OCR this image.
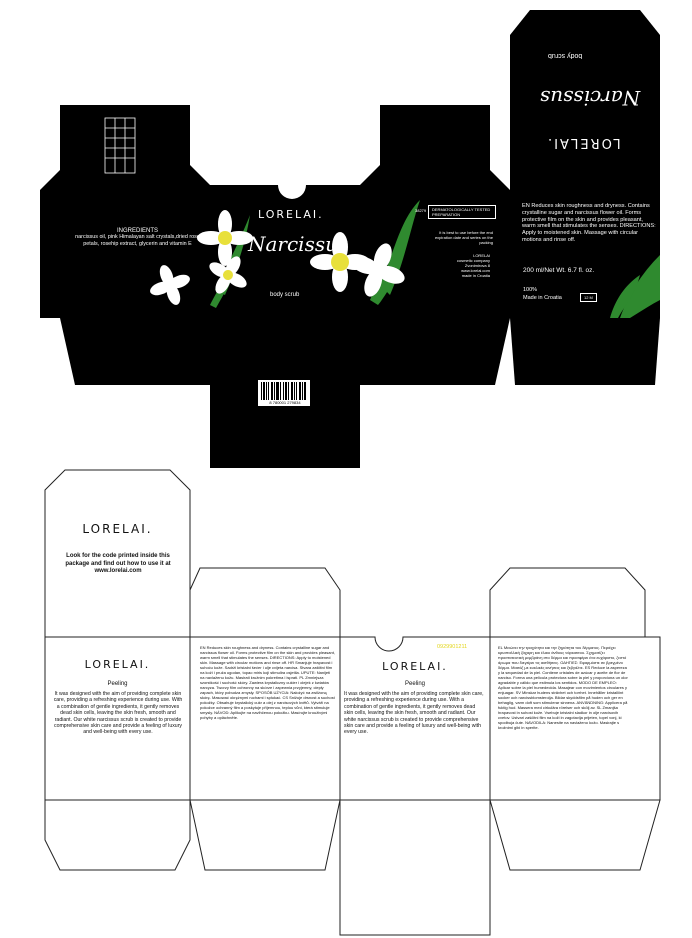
INGREDIENTS
narcissus oil, pink Himalayan salt crystals,dried rose petals, rosehip extract, glycerin and vitamin E
LORELAI.
Narcissus
body scrub
38279	DERMATOLOGICALLY TESTED PREPARATION
It is best to use before the end expiration date and series on the packing
LORELAI
cosmetic company
Zvonimirova 8
www.lorelai.com
made in Croatia
body scrub
Narcissus
LORELAI.
EN Reduces skin roughness and dryness. Contains crystalline sugar and narcissus flower oil. Forms protective film on the skin and provides pleasant, warm smell that stimulates the senses. DIRECTIONS: Apply to moistened skin. Massage with circular motions and rinse off.
200 ml/Net Wt. 6.7 fl. oz.
100%
Made in Croatia	12 M
8 780001 279834
LORELAI.
Look for the code printed inside this package and find out how to use it at www.lorelai.com
LORELAI.
Peeling
It was designed with the aim of providing complete skin care, providing a refreshing experience during use. With a combination of gentle ingredients, it gently removes dead skin cells, leaving the skin fresh, smooth and radiant. Our white narcissus scrub is created to provide comprehensive skin care and provide a feeling of luxury and well-being with every use.
EN Reduces skin roughness and dryness. Contains crystalline sugar and narcissus flower oil. Forms protective film on the skin and provides pleasant, warm smell that stimulates the senses. DIRECTIONS: Apply to moistened skin. Massage with circular motions and rinse off. HR Smanjuje hrapavost i suhoću kože. Sadrži kristalni šećer i ulje cvijeta narcisa. Stvara zaštitni film na koži i pruža ugodan, topao miris koji stimulira osjetila. UPUTE: Nanijeti na navlaženu kožu. Masirati kružnim pokretima i isprati. PL Zmniejsza szorstkość i suchość skóry. Zawiera krystaliczny cukier i olejek z kwiatów narcyza. Tworzy film ochronny na skórze i zapewnia przyjemny, ciepły zapach, który pobudza zmysły. SPOSÓB UŻYCIA: Nałożyć na zwilżoną skórę. Masować okrężnymi ruchami i spłukać. CS Snižuje drsnost a suchost pokožky. Obsahuje krystalický cukr a olej z narcisových květů. Vytváří na pokožce ochranný film a poskytuje příjemnou, teplou vůni, která stimuluje smysly. NÁVOD: Aplikujte na navlhčenou pokožku. Masírujte krouživými pohyby a opláchněte.
0929901211
LORELAI.
Peeling
It was designed with the aim of providing complete skin care, providing a refreshing experience during use. With a combination of gentle ingredients, it gently removes dead skin cells, leaving the skin fresh, smooth and radiant. Our white narcissus scrub is created to provide comprehensive skin care and provide a feeling of luxury and well-being with every use.
EL Μειώνει την τραχύτητα και την ξηρότητα του δέρματος. Περιέχει κρυσταλλική ζάχαρη και έλαιο άνθους νάρκισσου. Σχηματίζει προστατευτική μεμβράνη στο δέρμα και προσφέρει ένα ευχάριστο, ζεστό άρωμα που διεγείρει τις αισθήσεις. ΟΔΗΓΙΕΣ: Εφαρμόστε σε βρεγμένο δέρμα. Μασάζ με κυκλικές κινήσεις και ξεβγάλτε. ES Reduce la aspereza y la sequedad de la piel. Contiene cristales de azúcar y aceite de flor de narciso. Forma una película protectora sobre la piel y proporciona un olor agradable y cálido que estimula los sentidos. MODO DE EMPLEO: Aplicar sobre la piel humedecida. Masajear con movimientos circulares y enjuagar. SV Minskar hudens strävhet och torrhet. Innehåller kristalliint socker och narcissblomsterolja. Bildar skyddsfilm på huden och ger en behaglig, varm doft som stimulerar sinnena. ANVÄNDNING: Applicera på fuktig hud. Massera med cirkulära rörelser och skölj av. SL Zmanjša hrapavost in suhost kože. Vsebuje kristalni sladkor in olje narcisovih cvetov. Ustvari zaščitni film na koži in zagotavlja prijeten, topel vonj, ki spodbuja čute. NAVODILA: Nanesite na navlaženo kožo. Masirajte s krožnimi gibi in sperite.
